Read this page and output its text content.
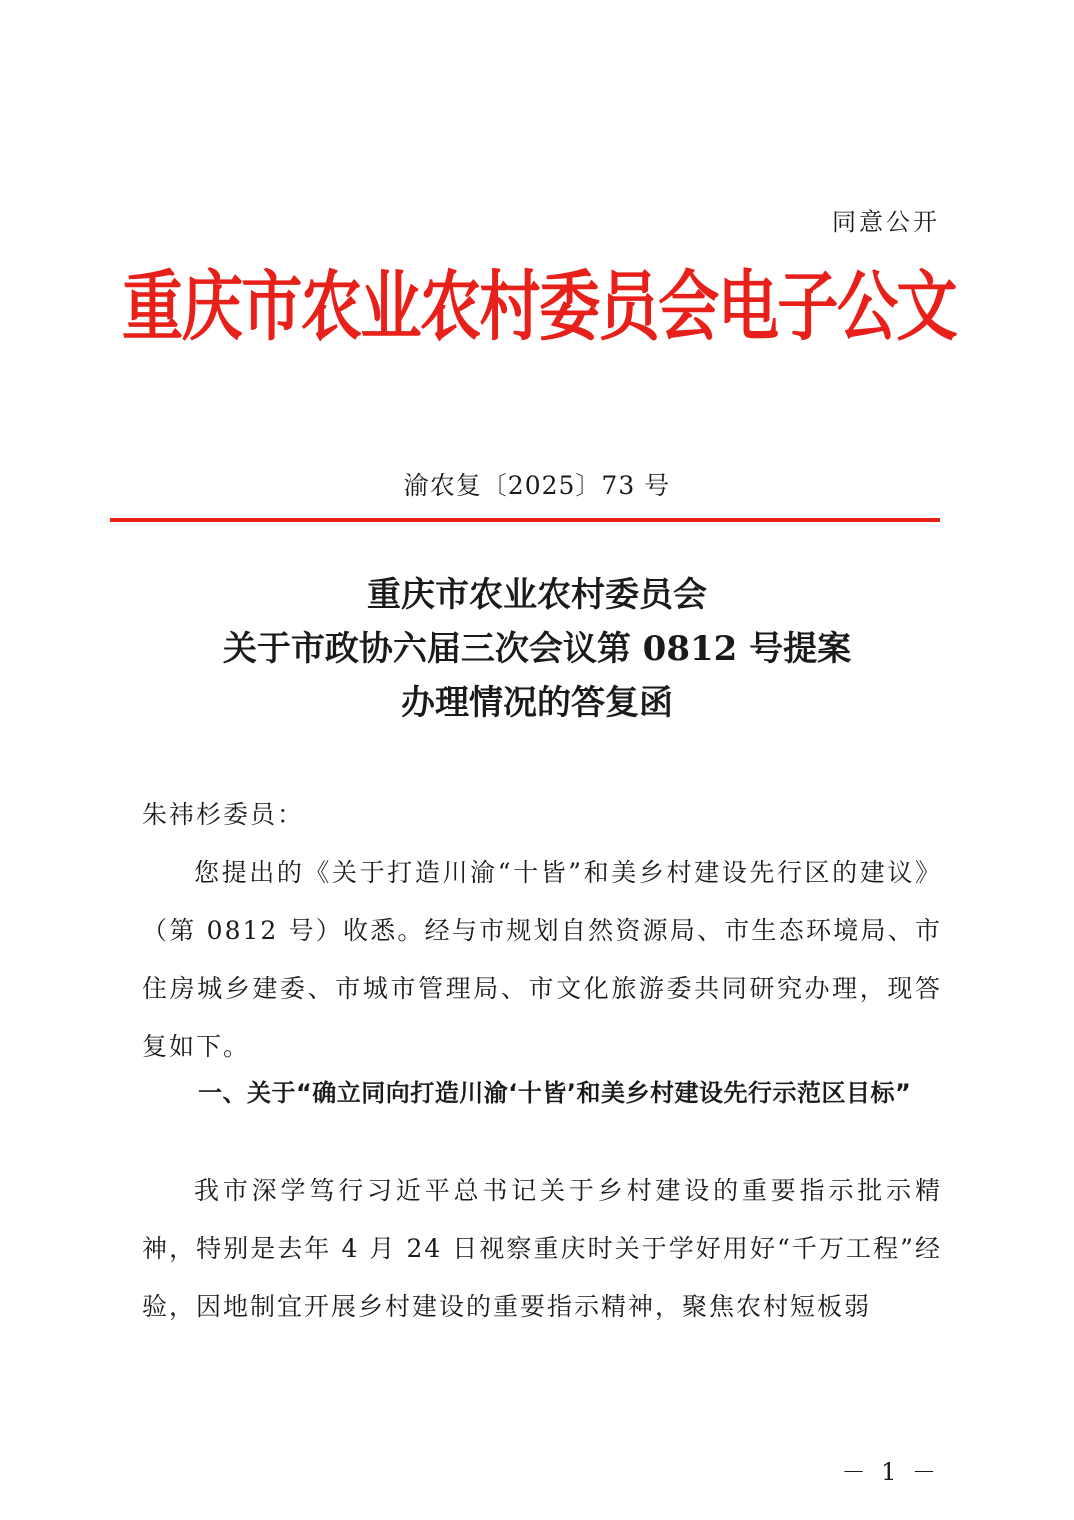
同意公开
重庆市农业农村委员会电子公文
渝农复〔2025〕73 号
重庆市农业农村委员会
关于市政协六届三次会议第 0812 号提案
办理情况的答复函
朱祎杉委员：
您提出的《关于打造川渝“十皆”和美乡村建设先行区的建议》（第 0812 号）收悉。经与市规划自然资源局、市生态环境局、市住房城乡建委、市城市管理局、市文化旅游委共同研究办理，现答复如下。
一、关于“确立同向打造川渝‘十皆’和美乡村建设先行示范区目标”
我市深学笃行习近平总书记关于乡村建设的重要指示批示精神，特别是去年 4 月 24 日视察重庆时关于学好用好“千万工程”经验，因地制宜开展乡村建设的重要指示精神，聚焦农村短板弱
－ 1 －
